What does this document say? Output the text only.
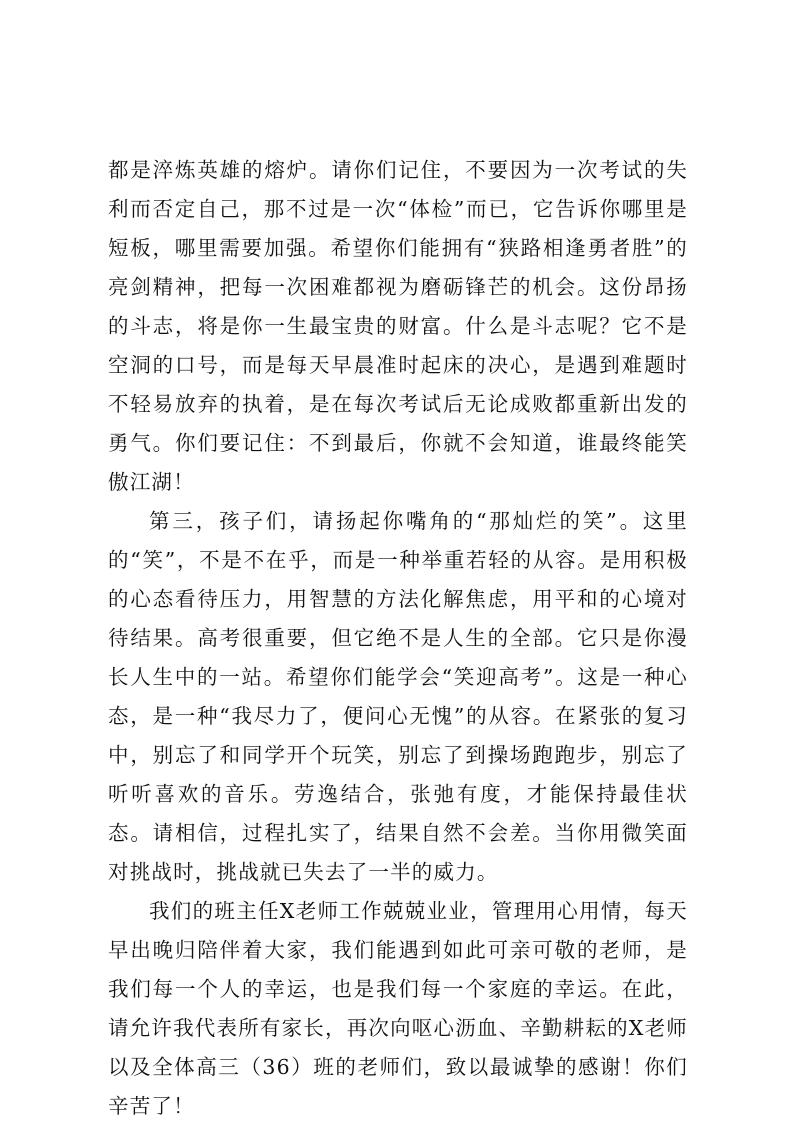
都是淬炼英雄的熔炉。请你们记住，不要因为一次考试的失利而否定自己，那不过是一次“体检”而已，它告诉你哪里是短板，哪里需要加强。希望你们能拥有“狭路相逢勇者胜”的亮剑精神，把每一次困难都视为磨砺锋芒的机会。这份昂扬的斗志，将是你一生最宝贵的财富。什么是斗志呢？它不是空洞的口号，而是每天早晨准时起床的决心，是遇到难题时不轻易放弃的执着，是在每次考试后无论成败都重新出发的勇气。你们要记住：不到最后，你就不会知道，谁最终能笑傲江湖！

第三，孩子们，请扬起你嘴角的“那灿烂的笑”。这里的“笑”，不是不在乎，而是一种举重若轻的从容。是用积极的心态看待压力，用智慧的方法化解焦虑，用平和的心境对待结果。高考很重要，但它绝不是人生的全部。它只是你漫长人生中的一站。希望你们能学会“笑迎高考”。这是一种心态，是一种“我尽力了，便问心无愧”的从容。在紧张的复习中，别忘了和同学开个玩笑，别忘了到操场跑跑步，别忘了听听喜欢的音乐。劳逸结合，张弛有度，才能保持最佳状态。请相信，过程扎实了，结果自然不会差。当你用微笑面对挑战时，挑战就已失去了一半的威力。

我们的班主任X老师工作兢兢业业，管理用心用情，每天早出晚归陪伴着大家，我们能遇到如此可亲可敬的老师，是我们每一个人的幸运，也是我们每一个家庭的幸运。在此，请允许我代表所有家长，再次向呕心沥血、辛勤耕耘的X老师以及全体高三（36）班的老师们，致以最诚挚的感谢！你们辛苦了！
